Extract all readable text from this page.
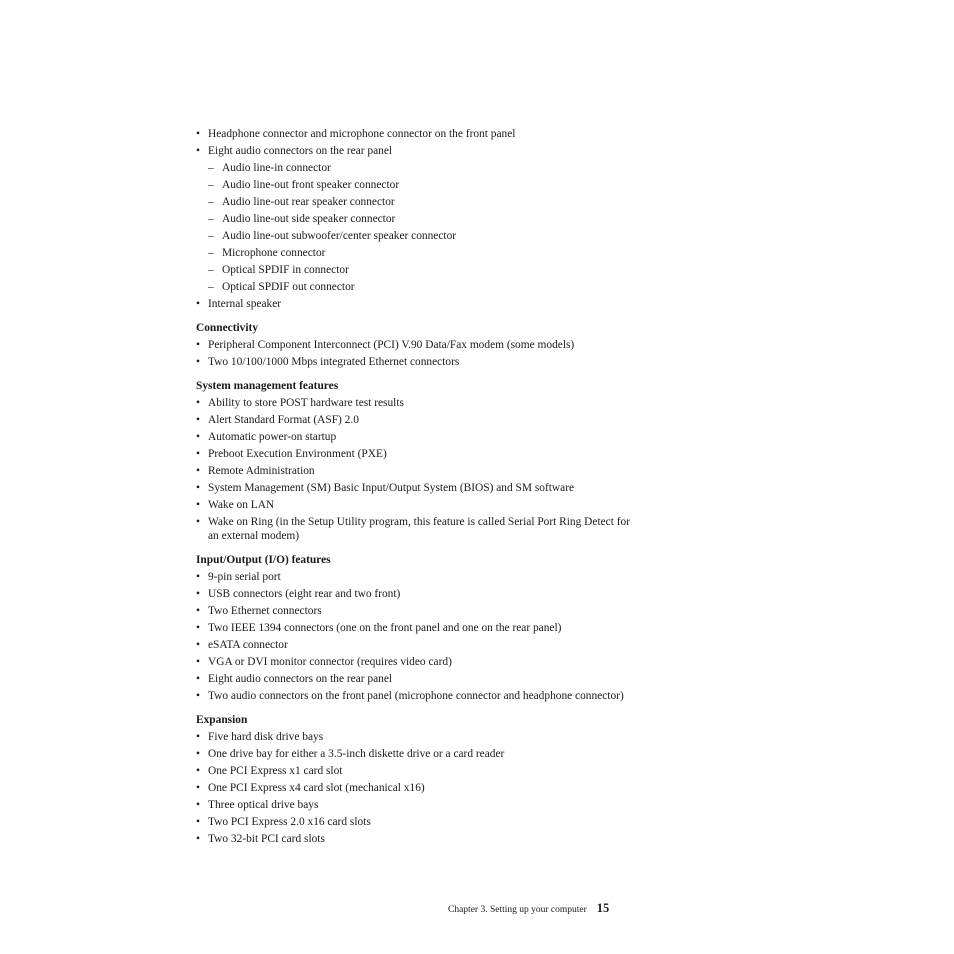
• Headphone connector and microphone connector on the front panel
• Eight audio connectors on the rear panel
– Audio line-in connector
– Audio line-out front speaker connector
– Audio line-out rear speaker connector
– Audio line-out side speaker connector
– Audio line-out subwoofer/center speaker connector
– Microphone connector
– Optical SPDIF in connector
– Optical SPDIF out connector
• Internal speaker
Connectivity
• Peripheral Component Interconnect (PCI) V.90 Data/Fax modem (some models)
• Two 10/100/1000 Mbps integrated Ethernet connectors
System management features
• Ability to store POST hardware test results
• Alert Standard Format (ASF) 2.0
• Automatic power-on startup
• Preboot Execution Environment (PXE)
• Remote Administration
• System Management (SM) Basic Input/Output System (BIOS) and SM software
• Wake on LAN
• Wake on Ring (in the Setup Utility program, this feature is called Serial Port Ring Detect for an external modem)
Input/Output (I/O) features
• 9-pin serial port
• USB connectors (eight rear and two front)
• Two Ethernet connectors
• Two IEEE 1394 connectors (one on the front panel and one on the rear panel)
• eSATA connector
• VGA or DVI monitor connector (requires video card)
• Eight audio connectors on the rear panel
• Two audio connectors on the front panel (microphone connector and headphone connector)
Expansion
• Five hard disk drive bays
• One drive bay for either a 3.5-inch diskette drive or a card reader
• One PCI Express x1 card slot
• One PCI Express x4 card slot (mechanical x16)
• Three optical drive bays
• Two PCI Express 2.0 x16 card slots
• Two 32-bit PCI card slots
Chapter 3. Setting up your computer 15
